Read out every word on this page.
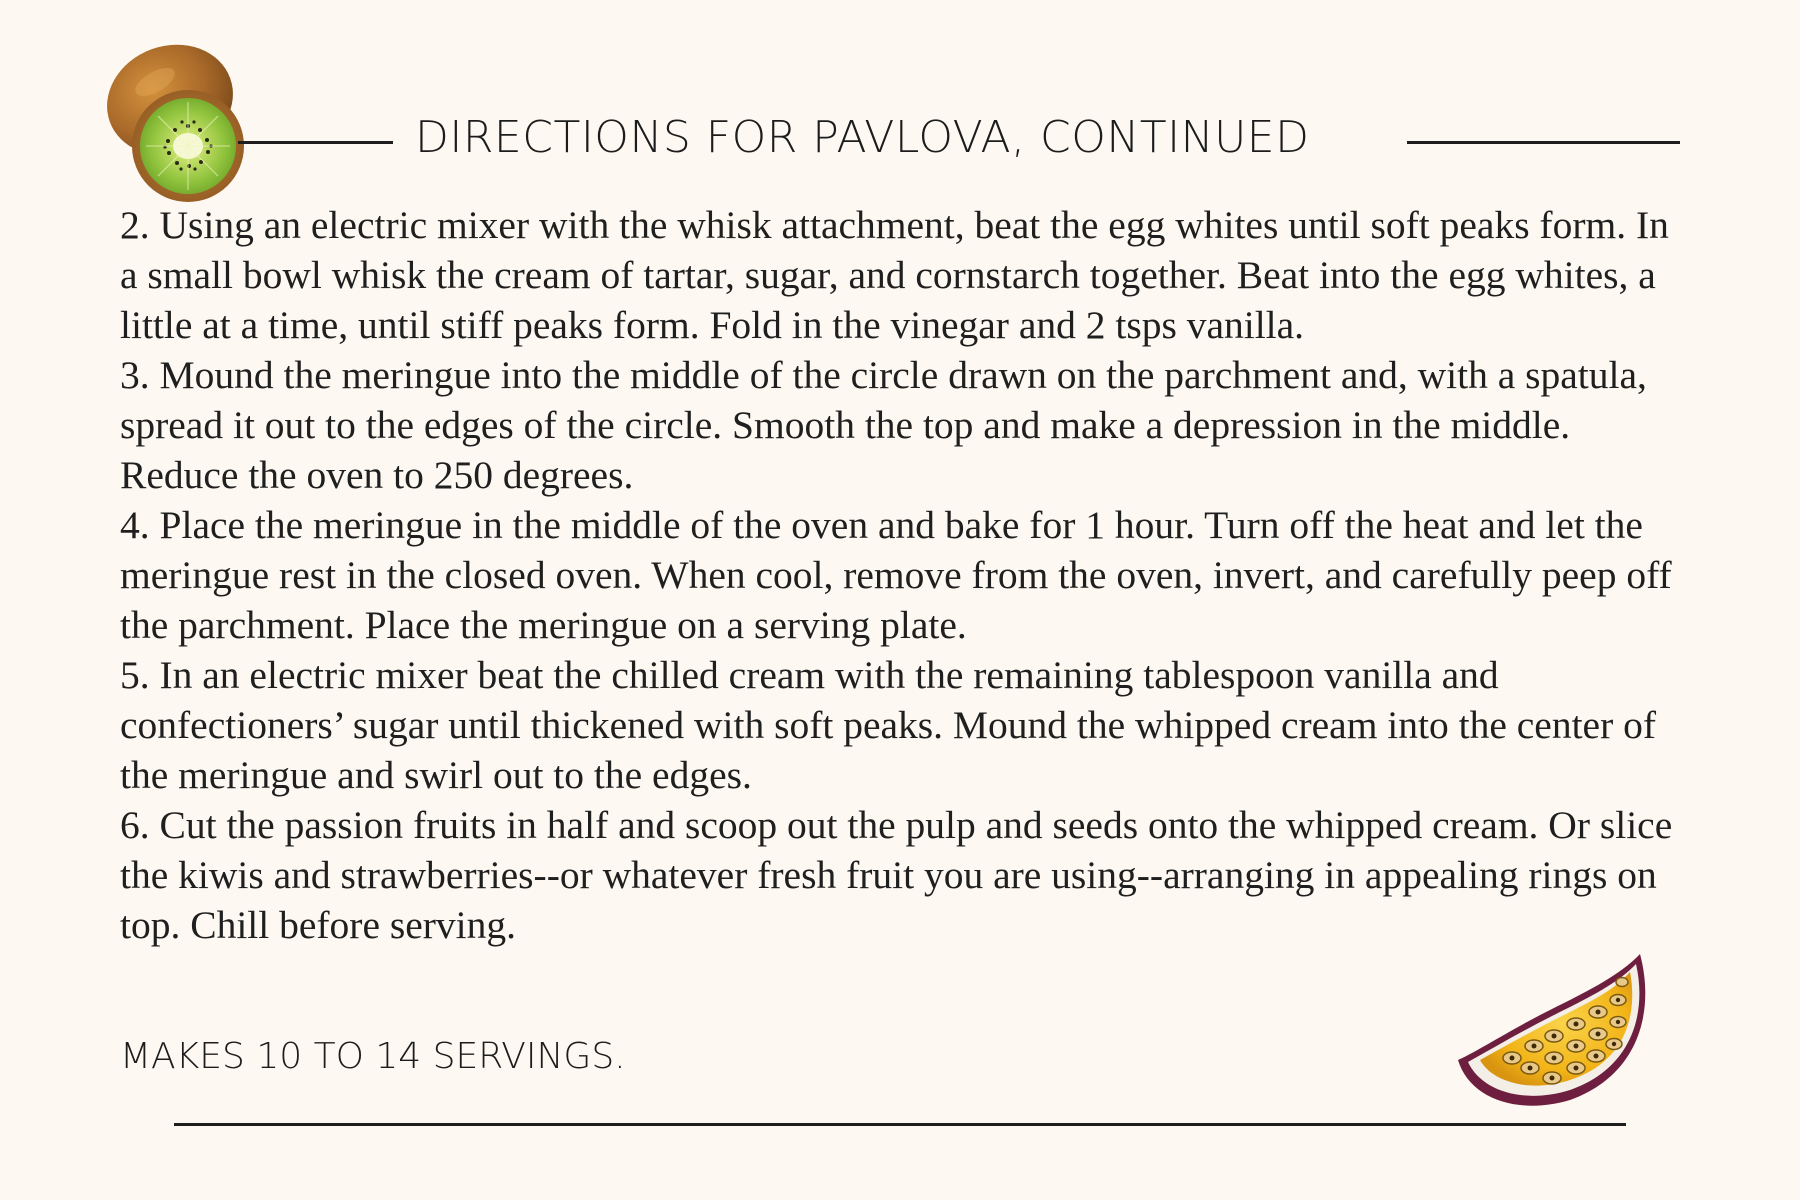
DIRECTIONS FOR PAVLOVA, CONTINUED
2. Using an electric mixer with the whisk attachment, beat the egg whites until soft peaks form. In a small bowl whisk the cream of tartar, sugar, and cornstarch together. Beat into the egg whites, a little at a time, until stiff peaks form. Fold in the vinegar and 2 tsps vanilla.
3. Mound the meringue into the middle of the circle drawn on the parchment and, with a spatula, spread it out to the edges of the circle. Smooth the top and make a depression in the middle. Reduce the oven to 250 degrees.
4. Place the meringue in the middle of the oven and bake for 1 hour. Turn off the heat and let the meringue rest in the closed oven. When cool, remove from the oven, invert, and carefully peep off the parchment. Place the meringue on a serving plate.
5. In an electric mixer beat the chilled cream with the remaining tablespoon vanilla and confectioners’ sugar until thickened with soft peaks. Mound the whipped cream into the center of the meringue and swirl out to the edges.
6. Cut the passion fruits in half and scoop out the pulp and seeds onto the whipped cream. Or slice the kiwis and strawberries--or whatever fresh fruit you are using--arranging in appealing rings on top. Chill before serving.

MAKES 10 TO 14 SERVINGS.
